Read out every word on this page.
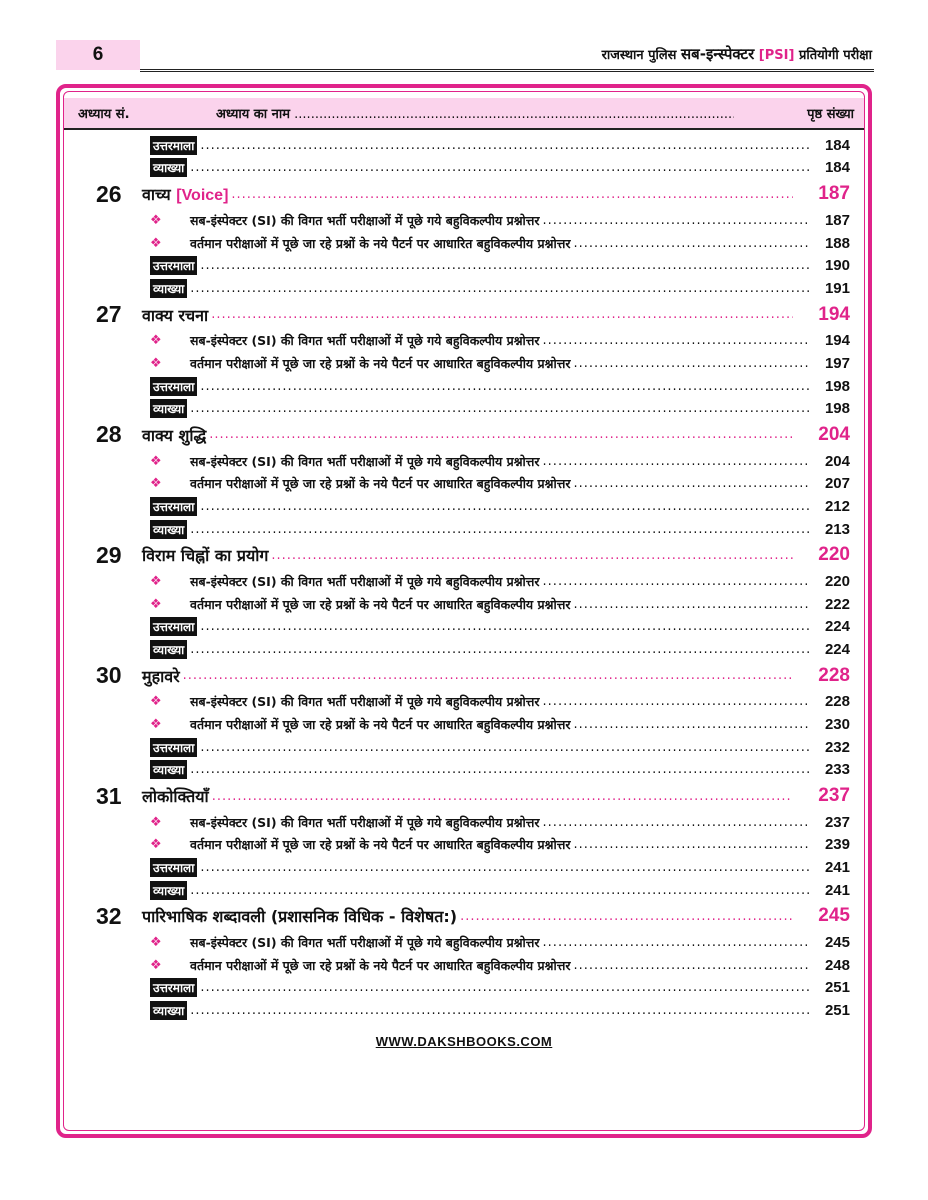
6	राजस्थान पुलिस सब-इन्स्पेक्टर [PSI] प्रतियोगी परीक्षा
अध्याय सं.	अध्याय का नाम .....	पृष्ठ संख्या
उत्तरमाला .....	184
व्याख्या .....	184
26	वाच्य [Voice] .....	187
❖	सब-इंस्पेक्टर (SI) की विगत भर्ती परीक्षाओं में पूछे गये बहुविकल्पीय प्रश्नोत्तर .....	187
❖	वर्तमान परीक्षाओं में पूछे जा रहे प्रश्नों के नये पैटर्न पर आधारित बहुविकल्पीय प्रश्नोत्तर .....	188
उत्तरमाला .....	190
व्याख्या .....	191
27	वाक्य रचना .....	194
❖	सब-इंस्पेक्टर (SI) की विगत भर्ती परीक्षाओं में पूछे गये बहुविकल्पीय प्रश्नोत्तर .....	194
❖	वर्तमान परीक्षाओं में पूछे जा रहे प्रश्नों के नये पैटर्न पर आधारित बहुविकल्पीय प्रश्नोत्तर .....	197
उत्तरमाला .....	198
व्याख्या .....	198
28	वाक्य शुद्धि .....	204
❖	सब-इंस्पेक्टर (SI) की विगत भर्ती परीक्षाओं में पूछे गये बहुविकल्पीय प्रश्नोत्तर .....	204
❖	वर्तमान परीक्षाओं में पूछे जा रहे प्रश्नों के नये पैटर्न पर आधारित बहुविकल्पीय प्रश्नोत्तर .....	207
उत्तरमाला .....	212
व्याख्या .....	213
29	विराम चिह्नों का प्रयोग .....	220
❖	सब-इंस्पेक्टर (SI) की विगत भर्ती परीक्षाओं में पूछे गये बहुविकल्पीय प्रश्नोत्तर .....	220
❖	वर्तमान परीक्षाओं में पूछे जा रहे प्रश्नों के नये पैटर्न पर आधारित बहुविकल्पीय प्रश्नोत्तर .....	222
उत्तरमाला .....	224
व्याख्या .....	224
30	मुहावरे .....	228
❖	सब-इंस्पेक्टर (SI) की विगत भर्ती परीक्षाओं में पूछे गये बहुविकल्पीय प्रश्नोत्तर .....	228
❖	वर्तमान परीक्षाओं में पूछे जा रहे प्रश्नों के नये पैटर्न पर आधारित बहुविकल्पीय प्रश्नोत्तर .....	230
उत्तरमाला .....	232
व्याख्या .....	233
31	लोकोक्तियाँ .....	237
❖	सब-इंस्पेक्टर (SI) की विगत भर्ती परीक्षाओं में पूछे गये बहुविकल्पीय प्रश्नोत्तर .....	237
❖	वर्तमान परीक्षाओं में पूछे जा रहे प्रश्नों के नये पैटर्न पर आधारित बहुविकल्पीय प्रश्नोत्तर .....	239
उत्तरमाला .....	241
व्याख्या .....	241
32	पारिभाषिक शब्दावली (प्रशासनिक विधिक - विशेषत:) .....	245
❖	सब-इंस्पेक्टर (SI) की विगत भर्ती परीक्षाओं में पूछे गये बहुविकल्पीय प्रश्नोत्तर .....	245
❖	वर्तमान परीक्षाओं में पूछे जा रहे प्रश्नों के नये पैटर्न पर आधारित बहुविकल्पीय प्रश्नोत्तर .....	248
उत्तरमाला .....	251
व्याख्या .....	251
WWW.DAKSHBOOKS.COM
